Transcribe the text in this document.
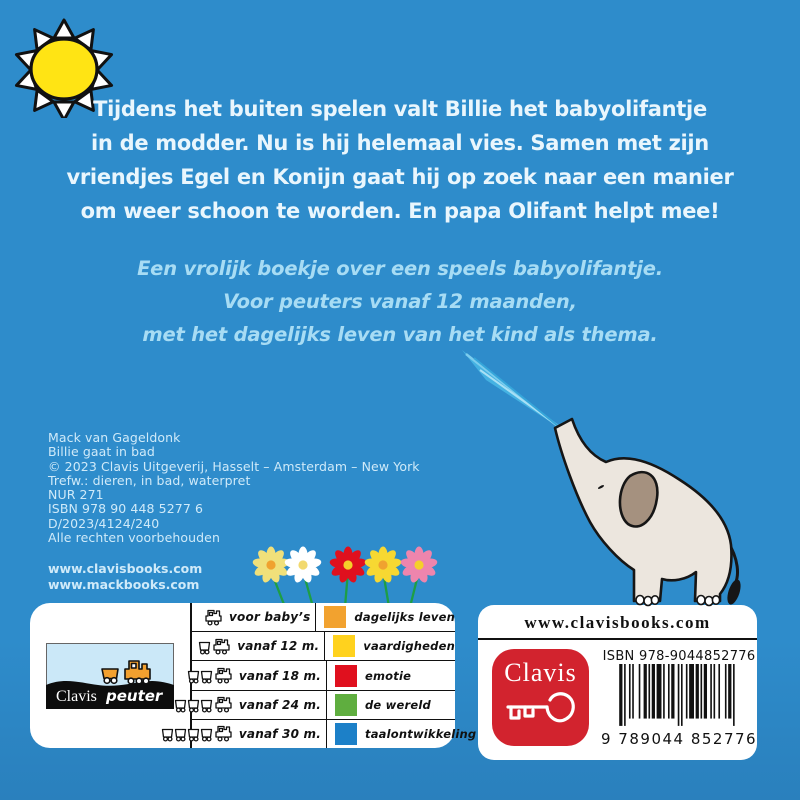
Tijdens het buiten spelen valt Billie het babyolifantje
in de modder. Nu is hij helemaal vies. Samen met zijn
vriendjes Egel en Konijn gaat hij op zoek naar een manier
om weer schoon te worden. En papa Olifant helpt mee!
Een vrolijk boekje over een speels babyolifantje.
Voor peuters vanaf 12 maanden,
met het dagelijks leven van het kind als thema.
Mack van Gageldonk
Billie gaat in bad
© 2023 Clavis Uitgeverij, Hasselt – Amsterdam – New York
Trefw.: dieren, in bad, waterpret
NUR 271
ISBN 978 90 448 5277 6
D/2023/4124/240
Alle rechten voorbehouden
www.clavisbooks.com
www.mackbooks.com
Clavis peuter
voor baby’s	dagelijks leven
vanaf 12 m.	vaardigheden
vanaf 18 m.	emotie
vanaf 24 m.	de wereld
vanaf 30 m.	taalontwikkeling
www.clavisbooks.com
Clavis
ISBN 978-9044852776
9 789044 852776
